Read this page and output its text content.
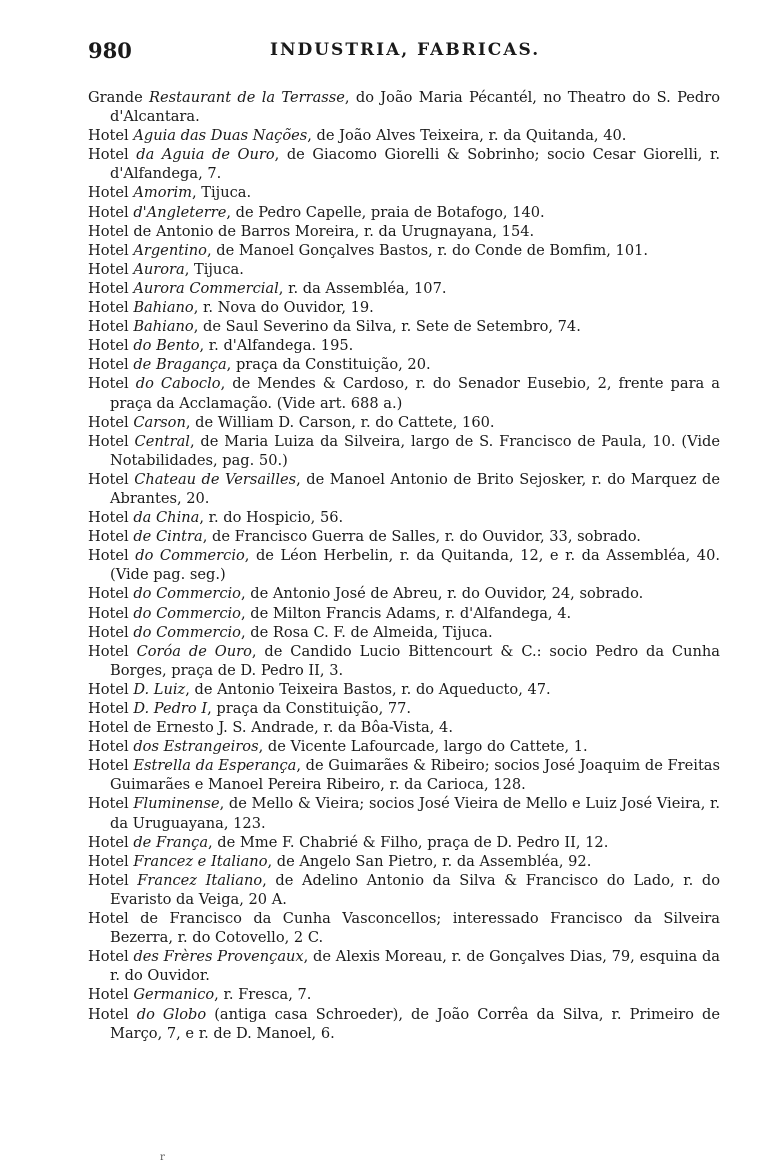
980	INDUSTRIA, FABRICAS.
Grande Restaurant de la Terrasse, do João Maria Pécantél, no Theatro do S. Pedro d'Alcantara.
Hotel Aguia das Duas Nações, de João Alves Teixeira, r. da Quitanda, 40.
Hotel da Aguia de Ouro, de Giacomo Giorelli & Sobrinho; socio Cesar Giorelli, r. d'Alfandega, 7.
Hotel Amorim, Tijuca.
Hotel d'Angleterre, de Pedro Capelle, praia de Botafogo, 140.
Hotel de Antonio de Barros Moreira, r. da Urugnayana, 154.
Hotel Argentino, de Manoel Gonçalves Bastos, r. do Conde de Bomfim, 101.
Hotel Aurora, Tijuca.
Hotel Aurora Commercial, r. da Assembléa, 107.
Hotel Bahiano, r. Nova do Ouvidor, 19.
Hotel Bahiano, de Saul Severino da Silva, r. Sete de Setembro, 74.
Hotel do Bento, r. d'Alfandega. 195.
Hotel de Bragança, praça da Constituição, 20.
Hotel do Caboclo, de Mendes & Cardoso, r. do Senador Eusebio, 2, frente para a praça da Acclamação. (Vide art. 688 a.)
Hotel Carson, de William D. Carson, r. do Cattete, 160.
Hotel Central, de Maria Luiza da Silveira, largo de S. Francisco de Paula, 10. (Vide Notabilidades, pag. 50.)
Hotel Chateau de Versailles, de Manoel Antonio de Brito Sejosker, r. do Marquez de Abrantes, 20.
Hotel da China, r. do Hospicio, 56.
Hotel de Cintra, de Francisco Guerra de Salles, r. do Ouvidor, 33, sobrado.
Hotel do Commercio, de Léon Herbelin, r. da Quitanda, 12, e r. da Assembléa, 40. (Vide pag. seg.)
Hotel do Commercio, de Antonio José de Abreu, r. do Ouvidor, 24, sobrado.
Hotel do Commercio, de Milton Francis Adams, r. d'Alfandega, 4.
Hotel do Commercio, de Rosa C. F. de Almeida, Tijuca.
Hotel Coróa de Ouro, de Candido Lucio Bittencourt & C.: socio Pedro da Cunha Borges, praça de D. Pedro II, 3.
Hotel D. Luiz, de Antonio Teixeira Bastos, r. do Aqueducto, 47.
Hotel D. Pedro I, praça da Constituição, 77.
Hotel de Ernesto J. S. Andrade, r. da Bôa-Vista, 4.
Hotel dos Estrangeiros, de Vicente Lafourcade, largo do Cattete, 1.
Hotel Estrella da Esperança, de Guimarães & Ribeiro; socios José Joaquim de Freitas Guimarães e Manoel Pereira Ribeiro, r. da Carioca, 128.
Hotel Fluminense, de Mello & Vieira; socios José Vieira de Mello e Luiz José Vieira, r. da Uruguayana, 123.
Hotel de França, de Mme F. Chabrié & Filho, praça de D. Pedro II, 12.
Hotel Francez e Italiano, de Angelo San Pietro, r. da Assembléa, 92.
Hotel Francez Italiano, de Adelino Antonio da Silva & Francisco do Lado, r. do Evaristo da Veiga, 20 A.
Hotel de Francisco da Cunha Vasconcellos; interessado Francisco da Silveira Bezerra, r. do Cotovello, 2 C.
Hotel des Frères Provençaux, de Alexis Moreau, r. de Gonçalves Dias, 79, esquina da r. do Ouvidor.
Hotel Germanico, r. Fresca, 7.
Hotel do Globo (antiga casa Schroeder), de João Corrêa da Silva, r. Primeiro de Março, 7, e r. de D. Manoel, 6.
r
